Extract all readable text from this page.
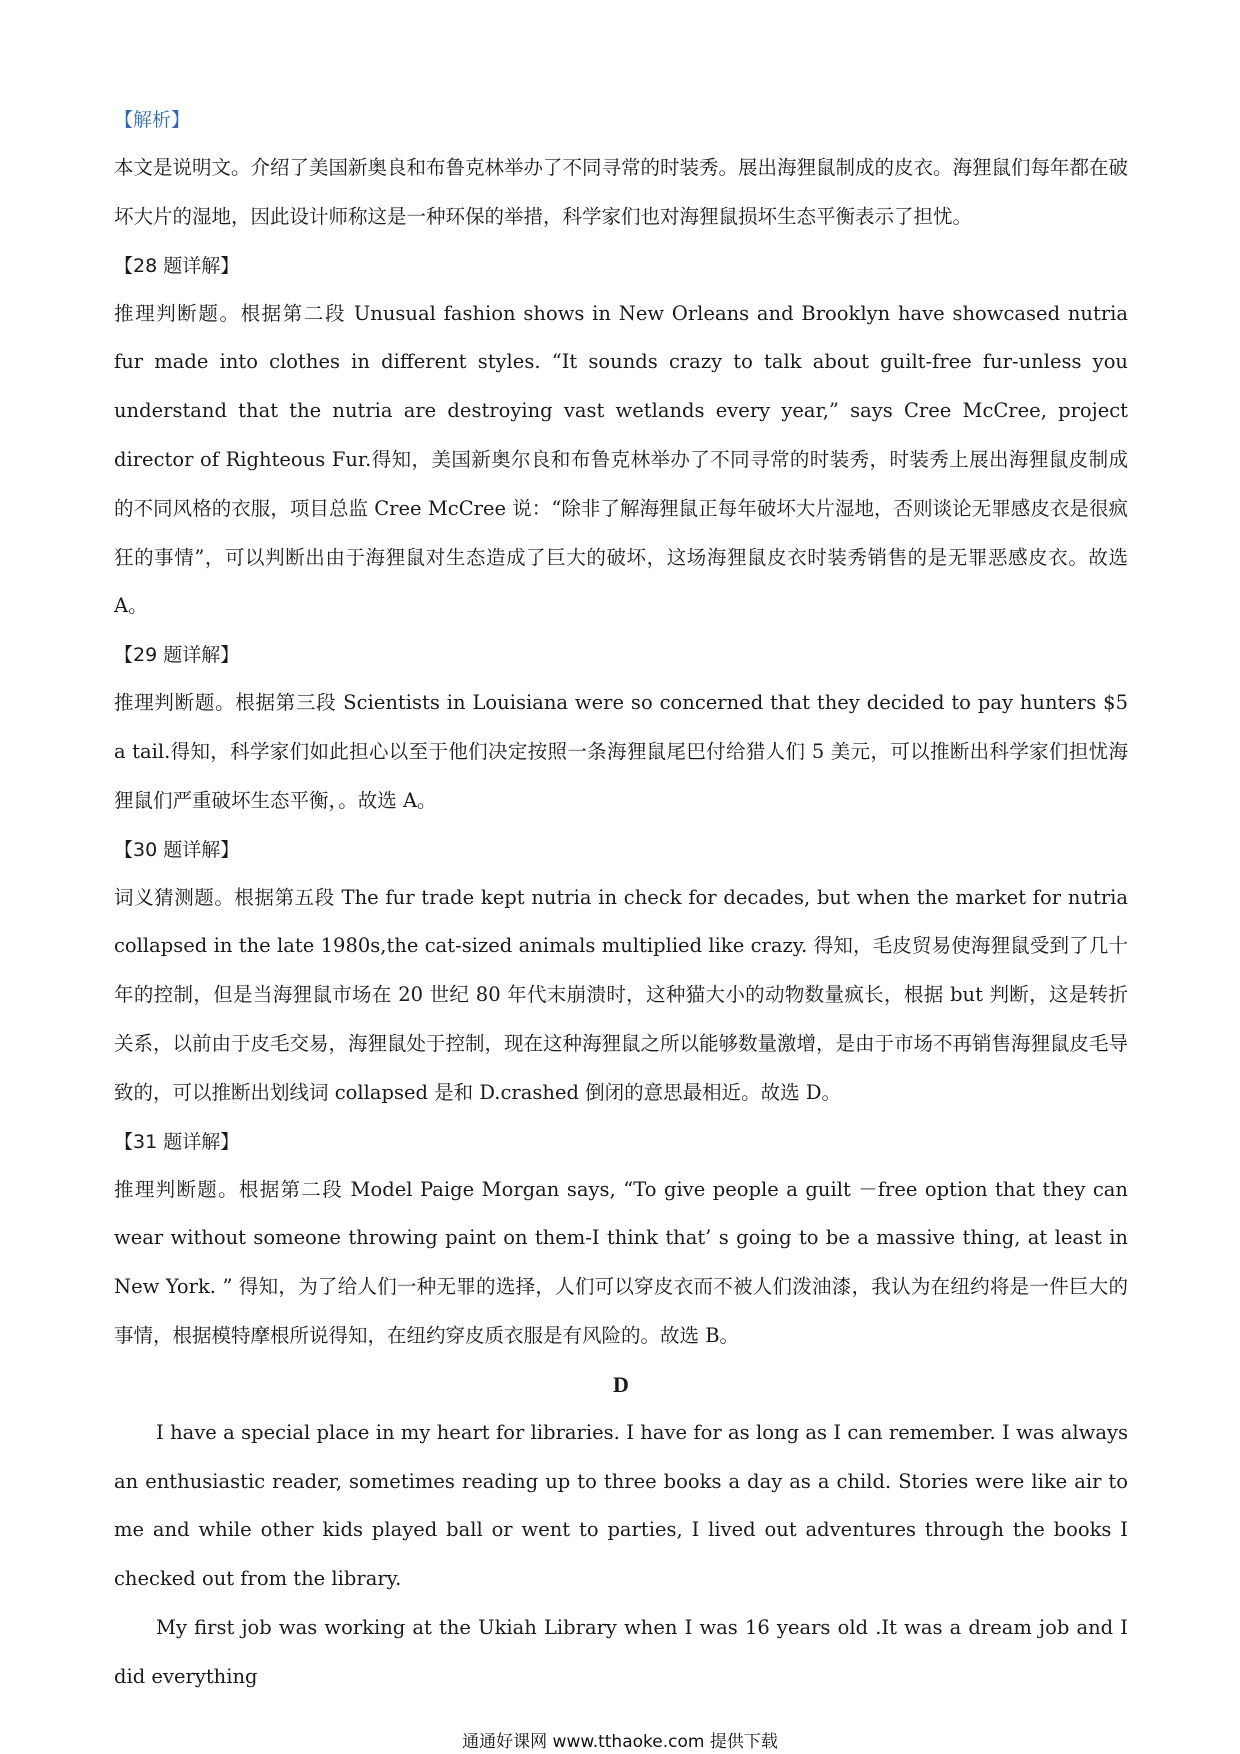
【解析】

本文是说明文。介绍了美国新奥良和布鲁克林举办了不同寻常的时装秀。展出海狸鼠制成的皮衣。海狸鼠们每年都在破坏大片的湿地，因此设计师称这是一种环保的举措，科学家们也对海狸鼠损坏生态平衡表示了担忧。

【28 题详解】

推理判断题。根据第二段 Unusual fashion shows in New Orleans and Brooklyn have showcased nutria fur made into clothes in different styles. “It sounds crazy to talk about guilt-free fur-unless you understand that the nutria are destroying vast wetlands every year,” says Cree McCree, project director of Righteous Fur.得知，美国新奥尔良和布鲁克林举办了不同寻常的时装秀，时装秀上展出海狸鼠皮制成的不同风格的衣服，项目总监 Cree McCree 说：“除非了解海狸鼠正每年破坏大片湿地，否则谈论无罪感皮衣是很疯狂的事情”，可以判断出由于海狸鼠对生态造成了巨大的破坏，这场海狸鼠皮衣时装秀销售的是无罪恶感皮衣。故选 A。

【29 题详解】

推理判断题。根据第三段 Scientists in Louisiana were so concerned that they decided to pay hunters $5 a tail.得知，科学家们如此担心以至于他们决定按照一条海狸鼠尾巴付给猎人们 5 美元，可以推断出科学家们担忧海狸鼠们严重破坏生态平衡，。故选 A。

【30 题详解】

词义猜测题。根据第五段 The fur trade kept nutria in check for decades, but when the market for nutria collapsed in the late 1980s,the cat-sized animals multiplied like crazy. 得知，毛皮贸易使海狸鼠受到了几十年的控制，但是当海狸鼠市场在 20 世纪 80 年代末崩溃时，这种猫大小的动物数量疯长，根据 but 判断，这是转折关系，以前由于皮毛交易，海狸鼠处于控制，现在这种海狸鼠之所以能够数量激增，是由于市场不再销售海狸鼠皮毛导致的，可以推断出划线词 collapsed 是和 D.crashed 倒闭的意思最相近。故选 D。

【31 题详解】

推理判断题。根据第二段 Model Paige Morgan says, “To give people a guilt －free option that they can wear without someone throwing paint on them-I think that’ s going to be a massive thing, at least in New York. ” 得知，为了给人们一种无罪的选择，人们可以穿皮衣而不被人们泼油漆，我认为在纽约将是一件巨大的事情，根据模特摩根所说得知，在纽约穿皮质衣服是有风险的。故选 B。

D

I have a special place in my heart for libraries. I have for as long as I can remember. I was always an enthusiastic reader, sometimes reading up to three books a day as a child. Stories were like air to me and while other kids played ball or went to parties, I lived out adventures through the books I checked out from the library.

My first job was working at the Ukiah Library when I was 16 years old .It was a dream job and I did everything

通通好课网 www.tthaoke.com 提供下载
